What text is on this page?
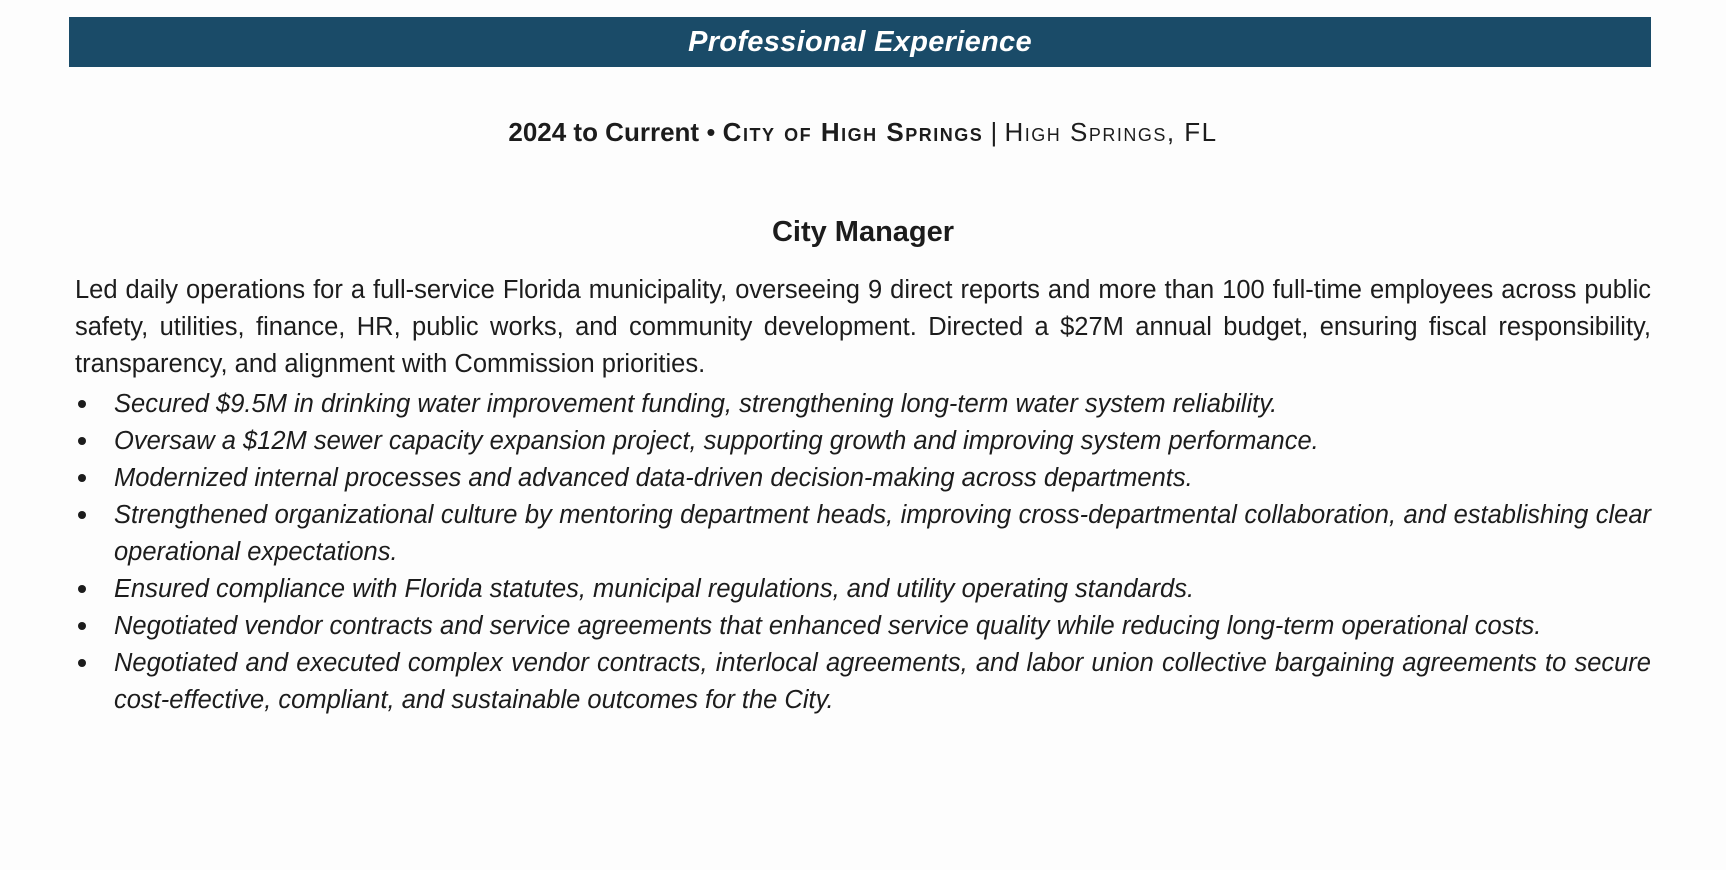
Professional Experience
2024 to Current • City of High Springs | High Springs, FL
City Manager

Led daily operations for a full-service Florida municipality, overseeing 9 direct reports and more than 100 full-time employees across public safety, utilities, finance, HR, public works, and community development. Directed a $27M annual budget, ensuring fiscal responsibility, transparency, and alignment with Commission priorities.

Secured $9.5M in drinking water improvement funding, strengthening long-term water system reliability.
Oversaw a $12M sewer capacity expansion project, supporting growth and improving system performance.
Modernized internal processes and advanced data-driven decision-making across departments.
Strengthened organizational culture by mentoring department heads, improving cross-departmental collaboration, and establishing clear operational expectations.
Ensured compliance with Florida statutes, municipal regulations, and utility operating standards.
Negotiated vendor contracts and service agreements that enhanced service quality while reducing long-term operational costs.
Negotiated and executed complex vendor contracts, interlocal agreements, and labor union collective bargaining agreements to secure cost-effective, compliant, and sustainable outcomes for the City.
